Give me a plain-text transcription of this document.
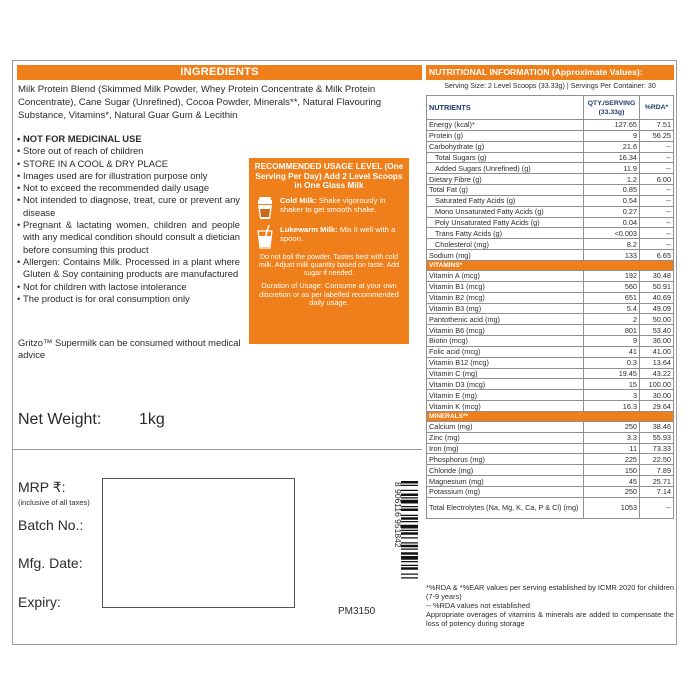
INGREDIENTS
Milk Protein Blend (Skimmed Milk Powder, Whey Protein Concentrate & Milk Protein Concentrate), Cane Sugar (Unrefined), Cocoa Powder, Minerals**, Natural Flavouring Substance, Vitamins*, Natural Guar Gum & Lecithin
• NOT FOR MEDICINAL USE
• Store out of reach of children
• STORE IN A COOL & DRY PLACE
• Images used are for illustration purpose only
• Not to exceed the recommended daily usage
• Not intended to diagnose, treat, cure or prevent any disease
• Pregnant & lactating women, children and people with any medical condition should consult a dietician before consuming this product
• Allergen: Contains Milk. Processed in a plant where Gluten & Soy containing products are manufactured
• Not for children with lactose intolerance
• The product is for oral consumption only
Gritzo™ Supermilk can be consumed without medical advice
RECOMMENDED USAGE LEVEL (One Serving Per Day) Add 2 Level Scoops in One Glass Milk
Cold Milk: Shake vigorously in shaker to get smooth shake.
Lukewarm Milk: Mix it well with a spoon.
Do not boil the powder. Tastes best with cold milk. Adjust milk quantity based on taste. Add sugar if needed.
Duration of Usage: Consume at your own discretion or as per labelled recommended daily usage.
Net Weight: 1kg
MRP ₹:
(inclusive of all taxes)
Batch No.:
Mfg. Date:
Expiry:
PM3150
8 906116 951842
NUTRITIONAL INFORMATION (Approximate Values):
Serving Size: 2 Level Scoops (33.33g) | Servings Per Container: 30
NUTRIENTS	QTY./SERVING (33.33g)	%RDA*
Energy (kcal)*	127.65	7.51
Protein (g)	9	56.25
Carbohydrate (g)	21.6	--
Total Sugars (g)	16.34	--
Added Sugars (Unrefined) (g)	11.9	--
Dietary Fibre (g)	1.2	6.00
Total Fat (g)	0.85	--
Saturated Fatty Acids (g)	0.54	--
Mono Unsaturated Fatty Acids (g)	0.27	--
Poly Unsaturated Fatty Acids (g)	0.04	--
Trans Fatty Acids (g)	<0.003	--
Cholesterol (mg)	8.2	--
Sodium (mg)	133	6.65
VITAMINS*		
Vitamin A (mcg)	192	30.48
Vitamin B1 (mcg)	560	50.91
Vitamin B2 (mcg)	651	40.69
Vitamin B3 (mg)	5.4	49.09
Pantothenic acid (mg)	2	50.00
Vitamin B6 (mcg)	801	53.40
Biotin (mcg)	9	36.00
Folic acid (mcg)	41	41.00
Vitamin B12 (mcg)	0.3	13.64
Vitamin C (mg)	19.45	43.22
Vitamin D3 (mcg)	15	100.00
Vitamin E (mg)	3	30.00
Vitamin K (mcg)	16.3	29.64
MINERALS**		
Calcium (mg)	250	38.46
Zinc (mg)	3.3	55.93
Iron (mg)	11	73.33
Phosphorus (mg)	225	22.50
Chloride (mg)	150	7.89
Magnesium (mg)	45	25.71
Potassium (mg)	250	7.14
Total Electrolytes (Na, Mg, K, Ca, P & Cl) (mg)	1053	--
*%RDA & *%EAR values per serving established by ICMR 2020 for children (7-9 years)
-- %RDA values not established
Appropriate overages of vitamins & minerals are added to compensate the loss of potency during storage
